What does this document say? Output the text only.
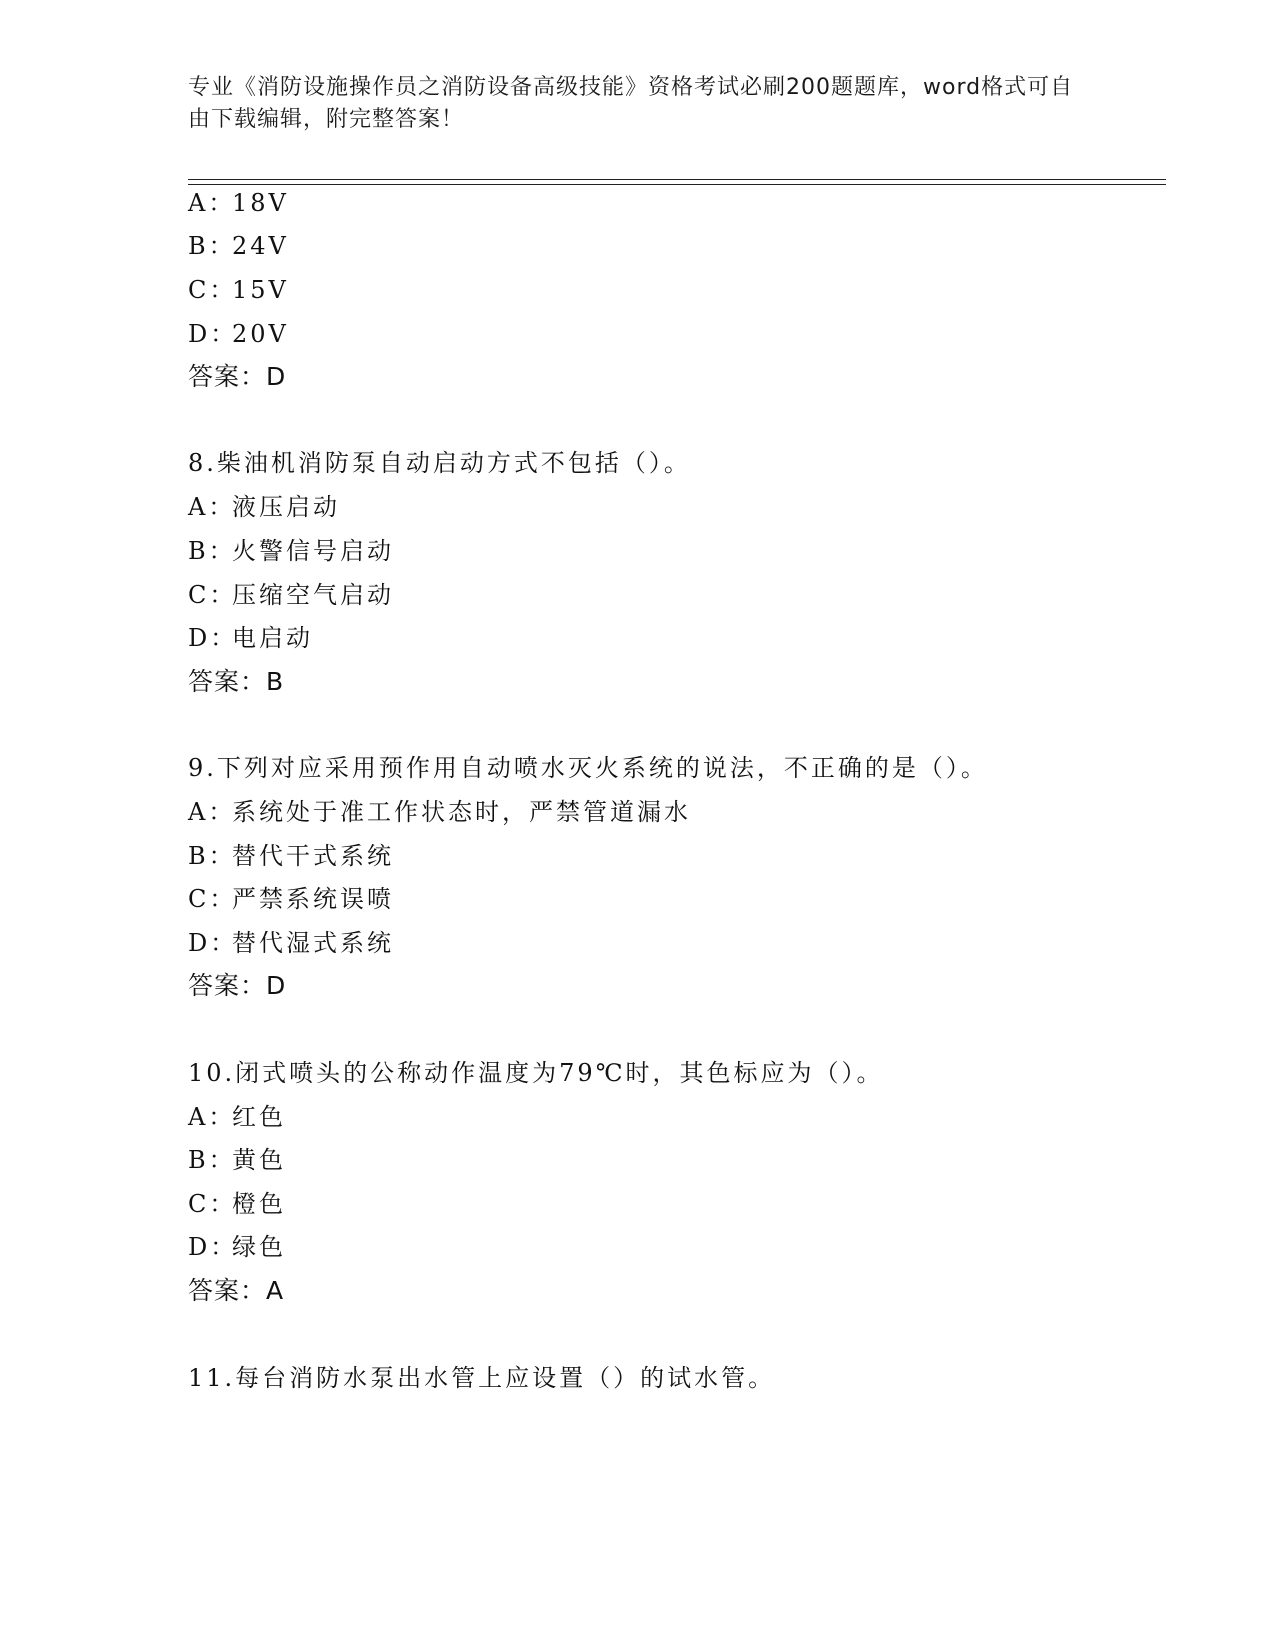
专业《消防设施操作员之消防设备高级技能》资格考试必刷200题题库，word格式可自由下载编辑，附完整答案！
A：18V
B：24V
C：15V
D：20V
答案：D
8.柴油机消防泵自动启动方式不包括（）。
A：液压启动
B：火警信号启动
C：压缩空气启动
D：电启动
答案：B
9.下列对应采用预作用自动喷水灭火系统的说法，不正确的是（）。
A：系统处于准工作状态时，严禁管道漏水
B：替代干式系统
C：严禁系统误喷
D：替代湿式系统
答案：D
10.闭式喷头的公称动作温度为79℃时，其色标应为（）。
A：红色
B：黄色
C：橙色
D：绿色
答案：A
11.每台消防水泵出水管上应设置（）的试水管。
